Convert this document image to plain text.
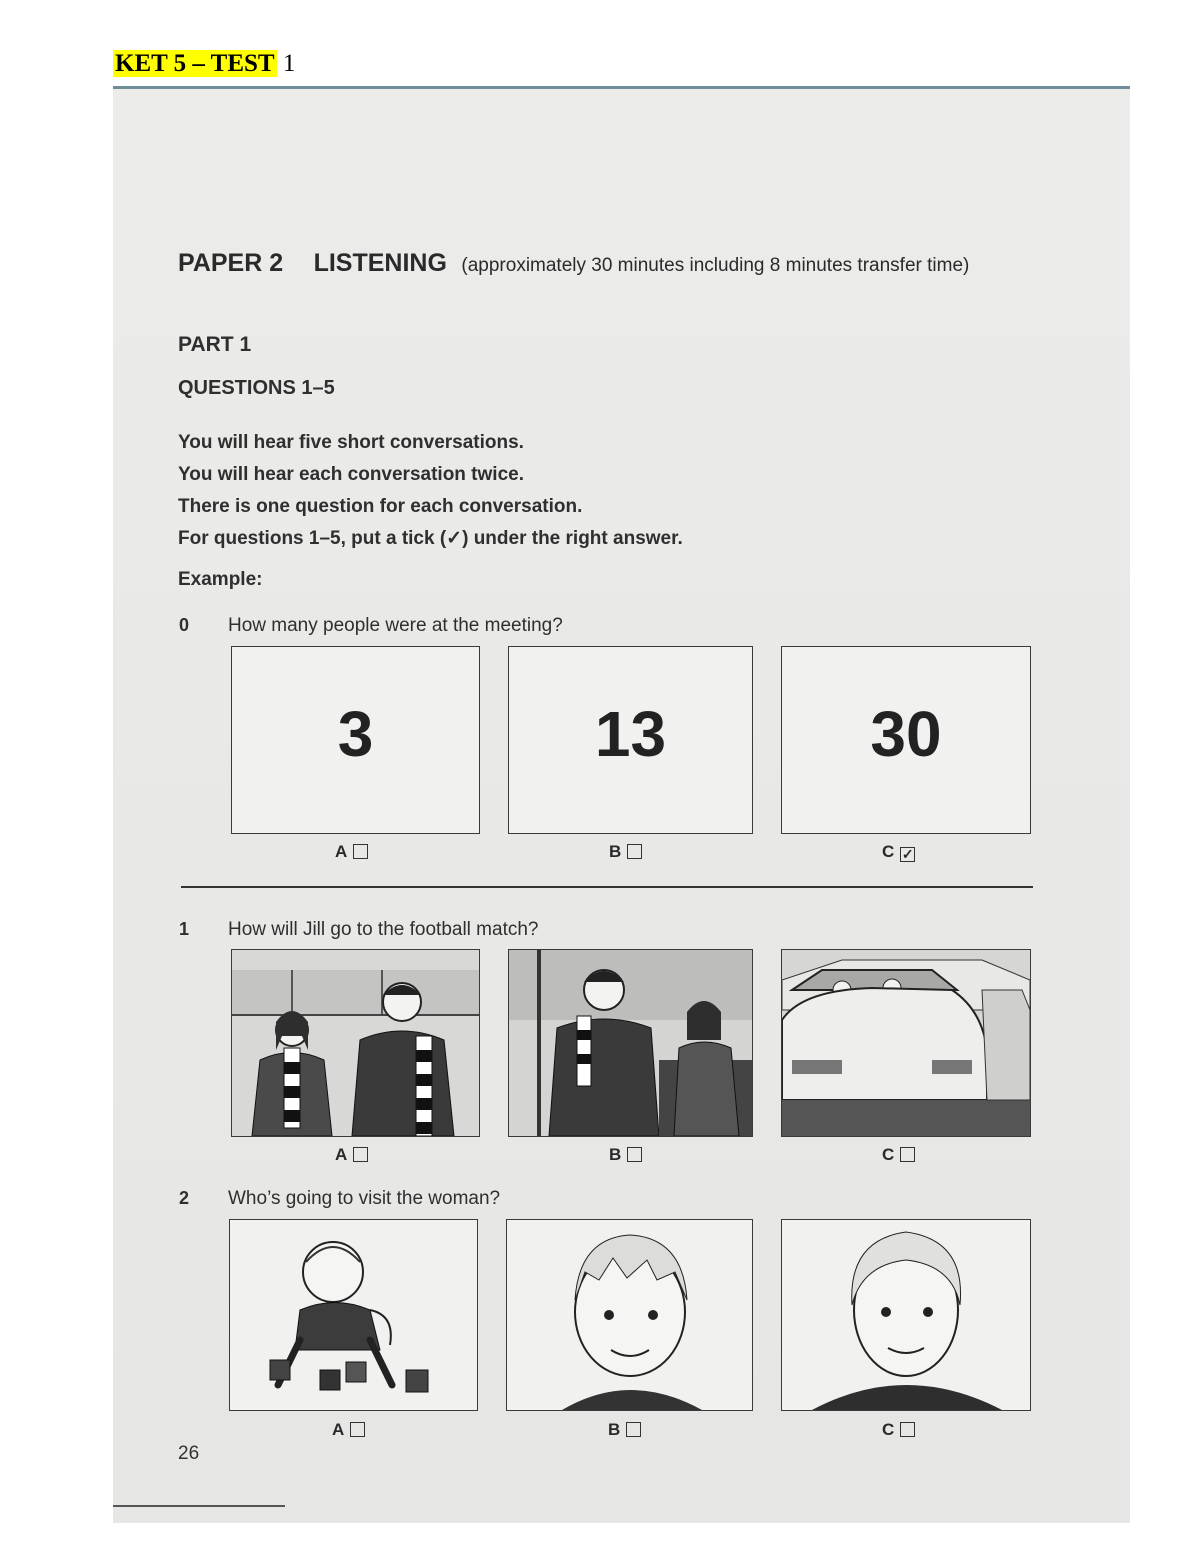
KET 5 – TEST 1
PAPER 2 LISTENING (approximately 30 minutes including 8 minutes transfer time)
PART 1
QUESTIONS 1–5
You will hear five short conversations.
You will hear each conversation twice.
There is one question for each conversation.
For questions 1–5, put a tick (✓) under the right answer.
Example:
0 How many people were at the meeting?
3	13	30
A	B	C ✓
1 How will Jill go to the football match?
A	B	C
2 Who’s going to visit the woman?
A	B	C
26
